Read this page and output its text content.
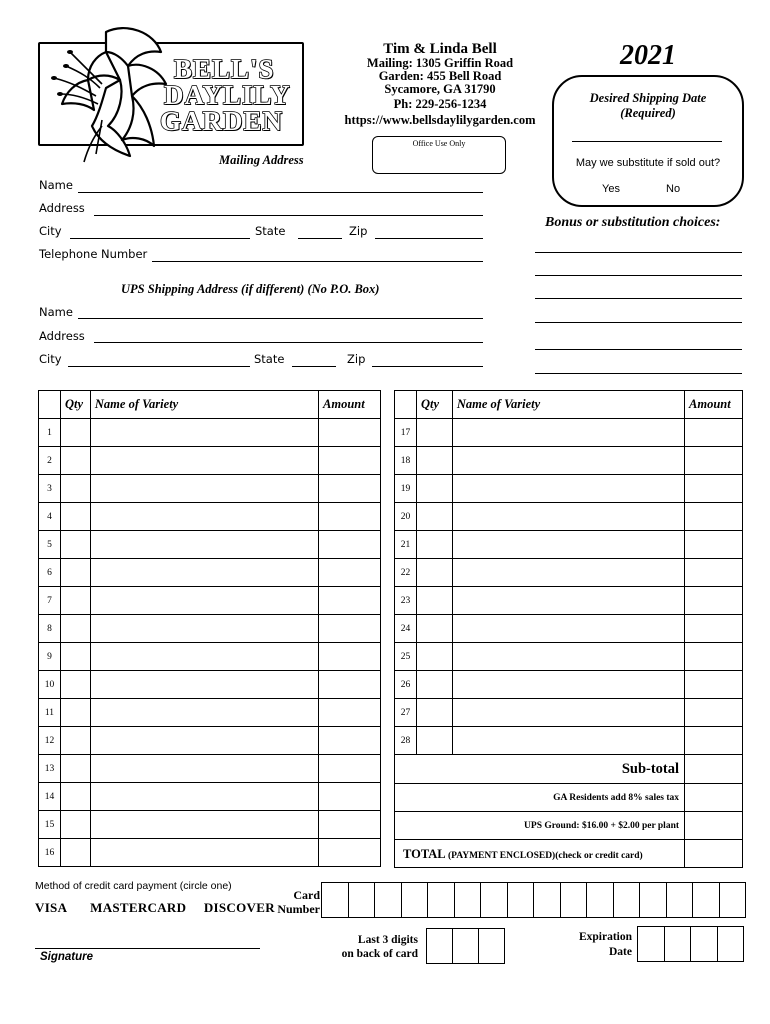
BELL'S
DAYLILY
GARDEN
Tim & Linda Bell
Mailing: 1305 Griffin Road
Garden: 455 Bell Road
Sycamore, GA 31790
Ph: 229-256-1234
https://www.bellsdaylilygarden.com
Office Use Only
2021
Desired Shipping Date
(Required)
May we substitute if sold out?
Yes	No
Bonus or substitution choices:
Mailing Address
Name
Address
City	State	Zip
Telephone Number
UPS Shipping Address (if different) (No P.O. Box)
Name
Address
City	State	Zip
	Qty	Name of Variety	Amount
1			
2			
3			
4			
5			
6			
7			
8			
9			
10			
11			
12			
13			
14			
15			
16			
	Qty	Name of Variety	Amount
17			
18			
19			
20			
21			
22			
23			
24			
25			
26			
27			
28			
Sub-total			
GA Residents add 8% sales tax			
UPS Ground: $16.00 + $2.00 per plant			
TOTAL (PAYMENT ENCLOSED)(check or credit card)			
Method of credit card payment (circle one)
VISA MASTERCARD DISCOVER
Card
Number
Signature
Last 3 digits
on back of card
Expiration
Date
